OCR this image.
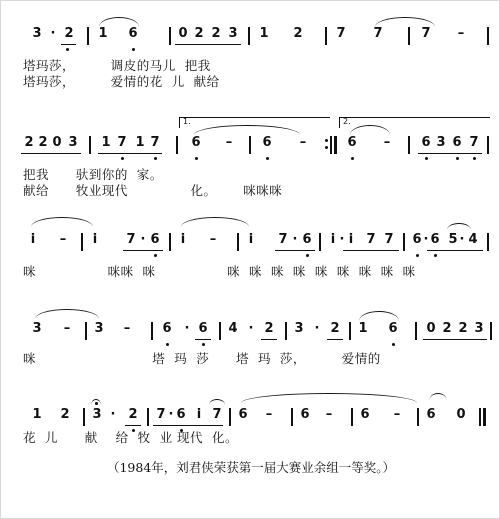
3 · 2 1 6	0 2 2 3 1 2	7 7	7 –
塔玛莎，        调皮的马儿  把我
塔玛莎，        爱情的花  儿  献给
1.	2.
2 2 0 3 1 7 1 7 6 – 6 –	6 – 6 3 6 7
把我      驮到你的  家。
献给      牧业现代              化。      咪咪咪
i – i 7 · 6 i –	i 7 · 6 i · i 7 7 6 · 6 5 · 4
咪                咪咪  咪                咪  咪  咪  咪  咪  咪  咪  咪  咪
3 – 3 – 6 · 6 4 · 2 3 · 2 1 6 0 2 2 3
咪                          塔  玛  莎      塔  玛  莎，        爱情的
1 2 3 · 2 7 · 6 i 7 6 – 6 – 6 – 6 0
花  儿      献    给  牧  业 现代  化。
（1984年，刘君侠荣获第一届大赛业余组一等奖。）
